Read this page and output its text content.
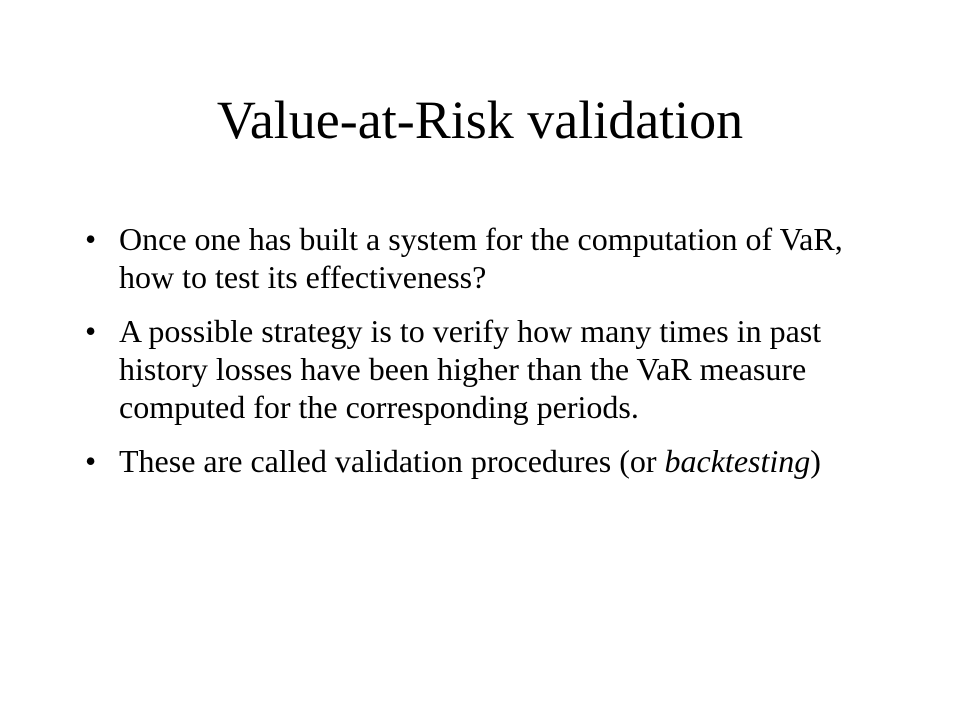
Value-at-Risk validation
• Once one has built a system for the computation of VaR, how to test its effectiveness?
• A possible strategy is to verify how many times in past history losses have been higher than the VaR measure computed for the corresponding periods.
• These are called validation procedures (or backtesting)
